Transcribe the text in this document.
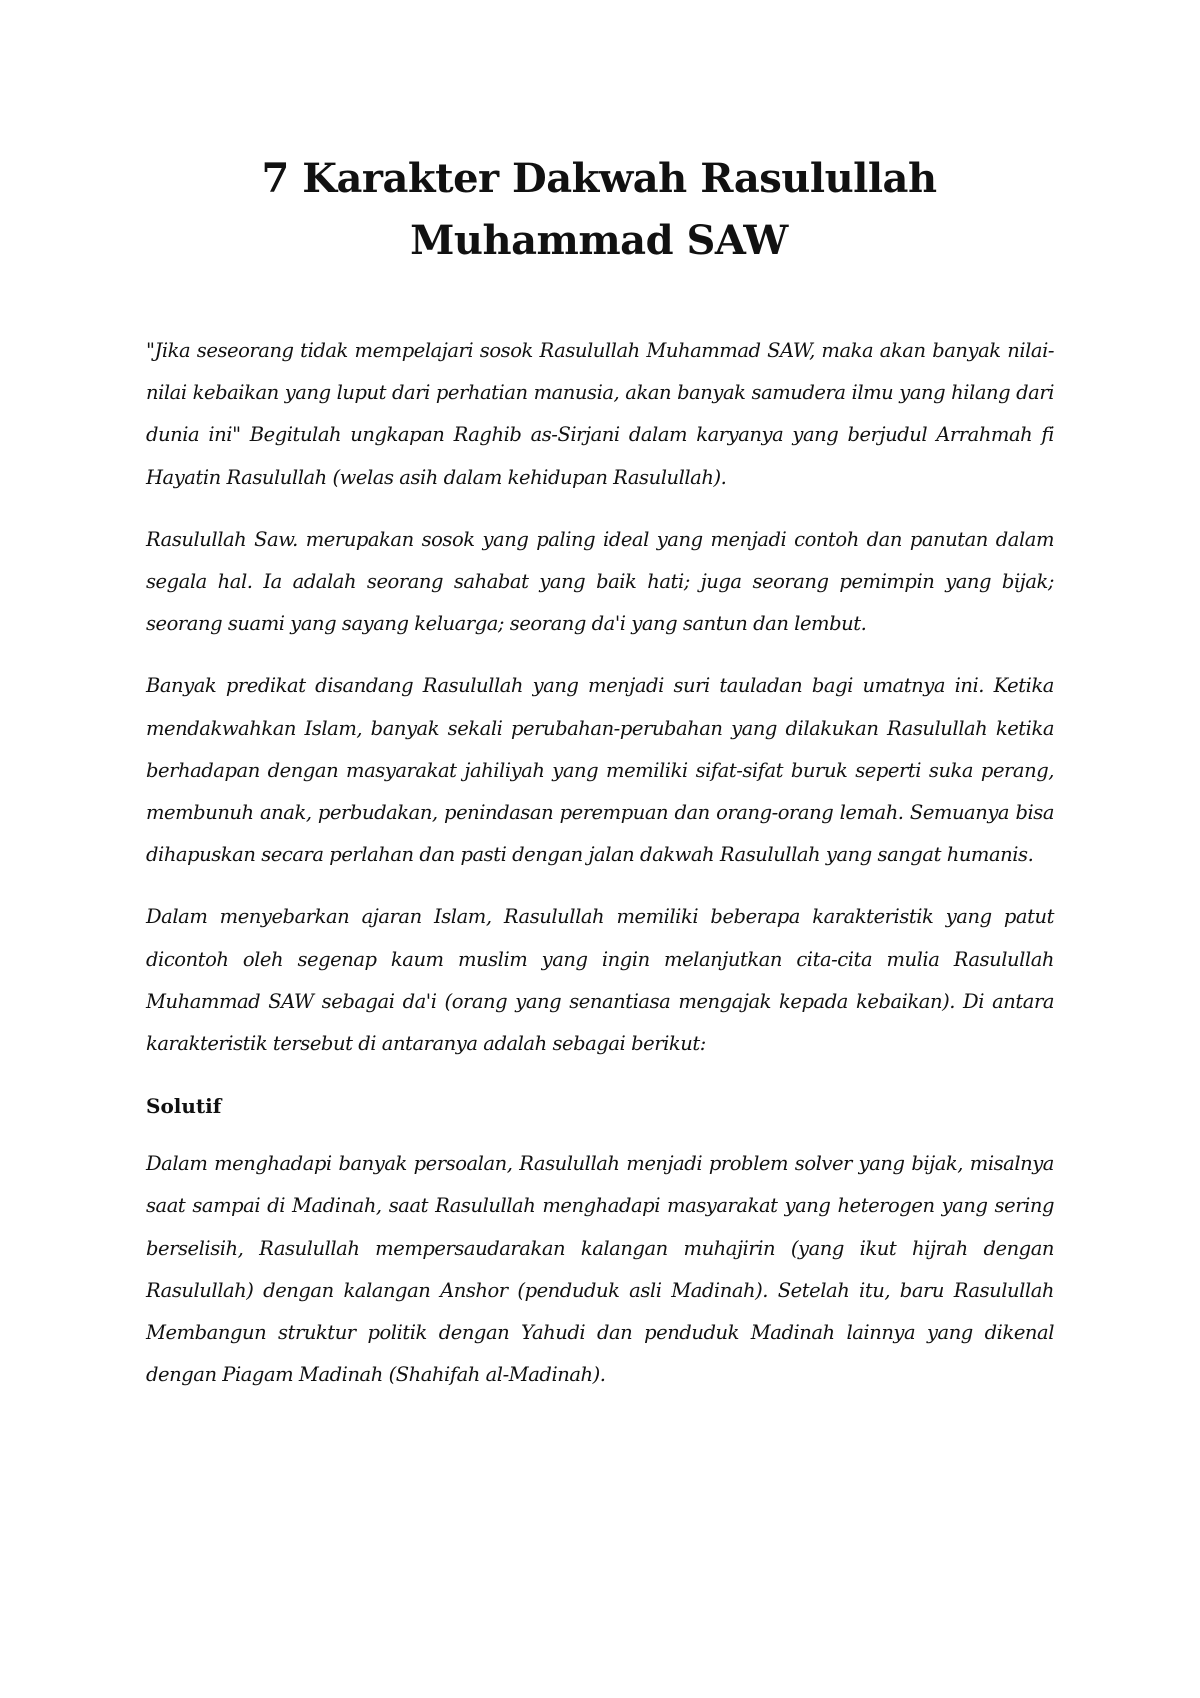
7 Karakter Dakwah Rasulullah
Muhammad SAW

"Jika seseorang tidak mempelajari sosok Rasulullah Muhammad SAW, maka akan banyak nilai-nilai kebaikan yang luput dari perhatian manusia, akan banyak samudera ilmu yang hilang dari dunia ini" Begitulah ungkapan Raghib as-Sirjani dalam karyanya yang berjudul Arrahmah fi Hayatin Rasulullah (welas asih dalam kehidupan Rasulullah).

Rasulullah Saw. merupakan sosok yang paling ideal yang menjadi contoh dan panutan dalam segala hal. Ia adalah seorang sahabat yang baik hati; juga seorang pemimpin yang bijak; seorang suami yang sayang keluarga; seorang da'i yang santun dan lembut.

Banyak predikat disandang Rasulullah yang menjadi suri tauladan bagi umatnya ini. Ketika mendakwahkan Islam, banyak sekali perubahan-perubahan yang dilakukan Rasulullah ketika berhadapan dengan masyarakat jahiliyah yang memiliki sifat-sifat buruk seperti suka perang, membunuh anak, perbudakan, penindasan perempuan dan orang-orang lemah. Semuanya bisa dihapuskan secara perlahan dan pasti dengan jalan dakwah Rasulullah yang sangat humanis.

Dalam menyebarkan ajaran Islam, Rasulullah memiliki beberapa karakteristik yang patut dicontoh oleh segenap kaum muslim yang ingin melanjutkan cita-cita mulia Rasulullah Muhammad SAW sebagai da'i (orang yang senantiasa mengajak kepada kebaikan). Di antara karakteristik tersebut di antaranya adalah sebagai berikut:

Solutif

Dalam menghadapi banyak persoalan, Rasulullah menjadi problem solver yang bijak, misalnya saat sampai di Madinah, saat Rasulullah menghadapi masyarakat yang heterogen yang sering berselisih, Rasulullah mempersaudarakan kalangan muhajirin (yang ikut hijrah dengan Rasulullah) dengan kalangan Anshor (penduduk asli Madinah). Setelah itu, baru Rasulullah Membangun struktur politik dengan Yahudi dan penduduk Madinah lainnya yang dikenal dengan Piagam Madinah (Shahifah al-Madinah).
